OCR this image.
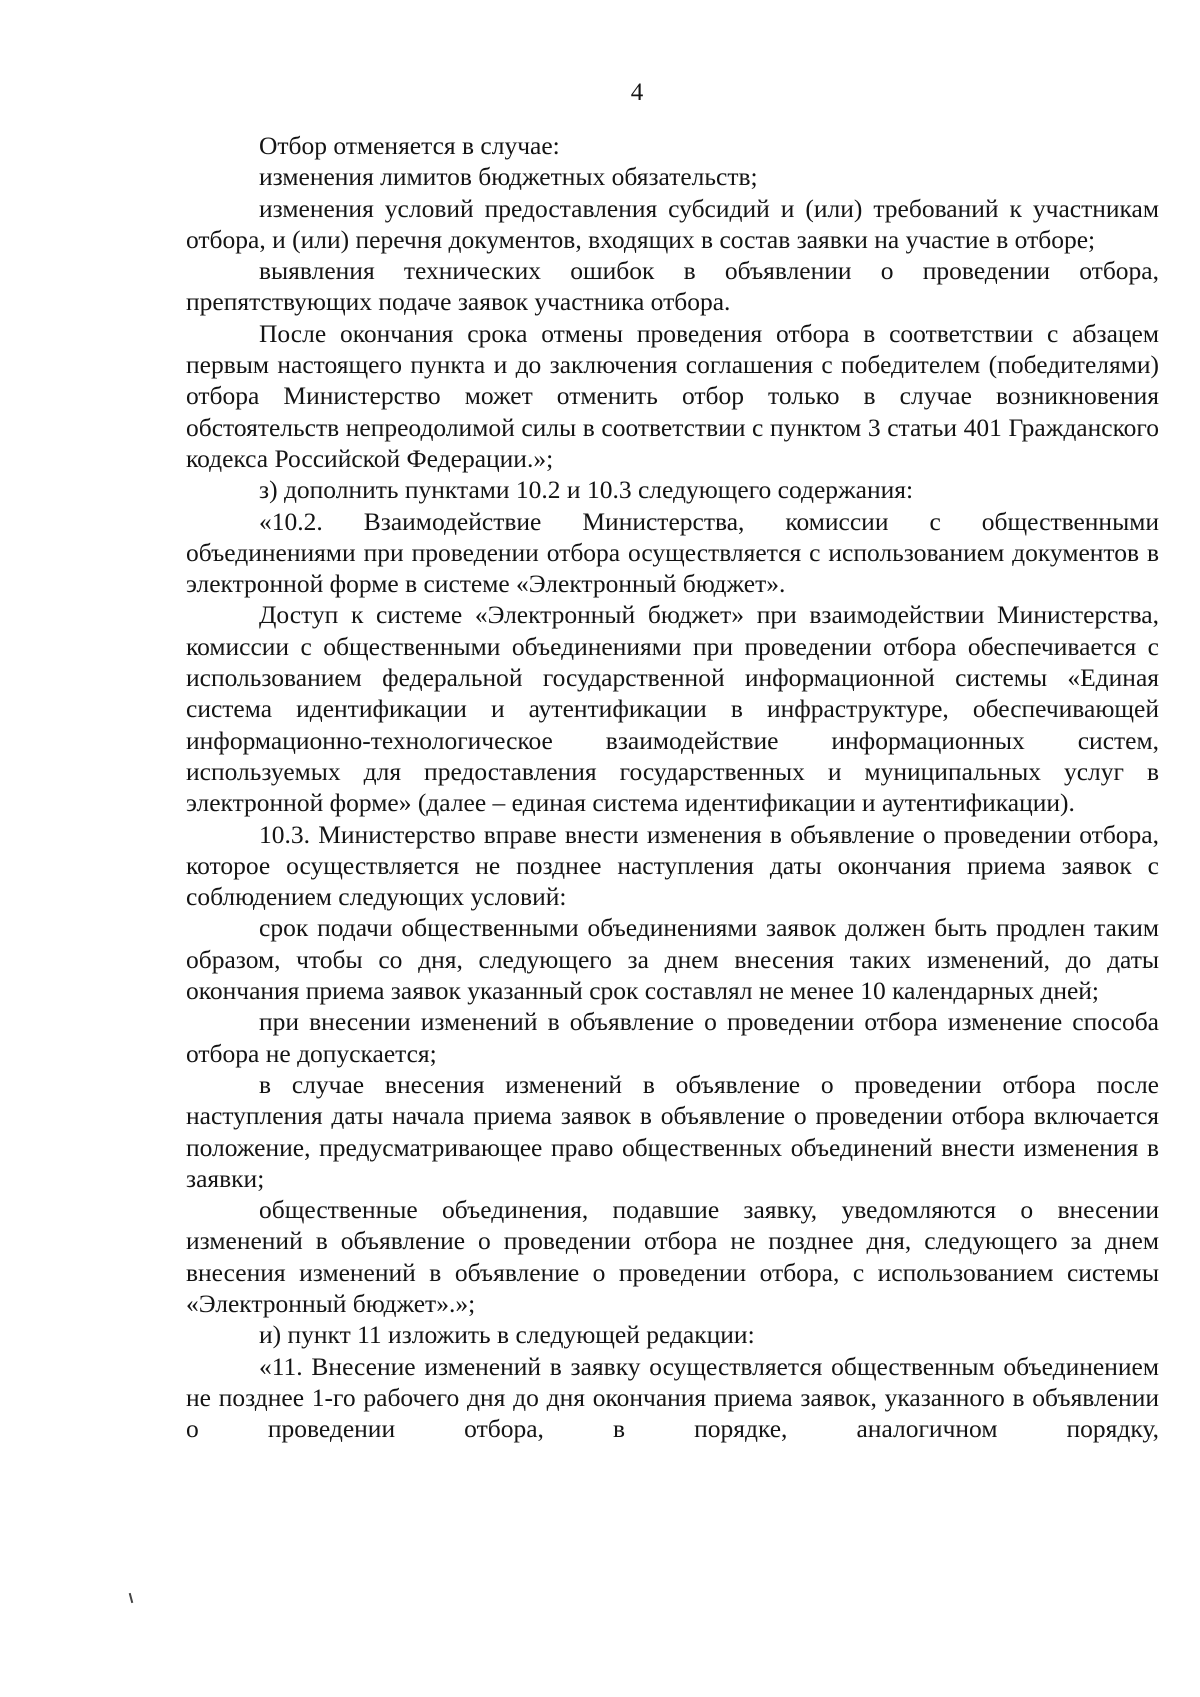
4

Отбор отменяется в случае:

изменения лимитов бюджетных обязательств;

изменения условий предоставления субсидий и (или) требований к участникам отбора, и (или) перечня документов, входящих в состав заявки на участие в отборе;

выявления технических ошибок в объявлении о проведении отбора, препятствующих подаче заявок участника отбора.

После окончания срока отмены проведения отбора в соответствии с абзацем первым настоящего пункта и до заключения соглашения с победителем (победителями) отбора Министерство может отменить отбор только в случае возникновения обстоятельств непреодолимой силы в соответствии с пунктом 3 статьи 401 Гражданского кодекса Российской Федерации.»;

з) дополнить пунктами 10.2 и 10.3 следующего содержания:

«10.2. Взаимодействие Министерства, комиссии с общественными объединениями при проведении отбора осуществляется с использованием документов в электронной форме в системе «Электронный бюджет».

Доступ к системе «Электронный бюджет» при взаимодействии Министерства, комиссии с общественными объединениями при проведении отбора обеспечивается с использованием федеральной государственной информационной системы «Единая система идентификации и аутентификации в инфраструктуре, обеспечивающей информационно-технологическое взаимодействие информационных систем, используемых для предоставления государственных и муниципальных услуг в электронной форме» (далее – единая система идентификации и аутентификации).

10.3. Министерство вправе внести изменения в объявление о проведении отбора, которое осуществляется не позднее наступления даты окончания приема заявок с соблюдением следующих условий:

срок подачи общественными объединениями заявок должен быть продлен таким образом, чтобы со дня, следующего за днем внесения таких изменений, до даты окончания приема заявок указанный срок составлял не менее 10 календарных дней;

при внесении изменений в объявление о проведении отбора изменение способа отбора не допускается;

в случае внесения изменений в объявление о проведении отбора после наступления даты начала приема заявок в объявление о проведении отбора включается положение, предусматривающее право общественных объединений внести изменения в заявки;

общественные объединения, подавшие заявку, уведомляются о внесении изменений в объявление о проведении отбора не позднее дня, следующего за днем внесения изменений в объявление о проведении отбора, с использованием системы «Электронный бюджет».»;

и) пункт 11 изложить в следующей редакции:

«11. Внесение изменений в заявку осуществляется общественным объединением не позднее 1-го рабочего дня до дня окончания приема заявок, указанного в объявлении о проведении отбора, в порядке, аналогичном порядку,
